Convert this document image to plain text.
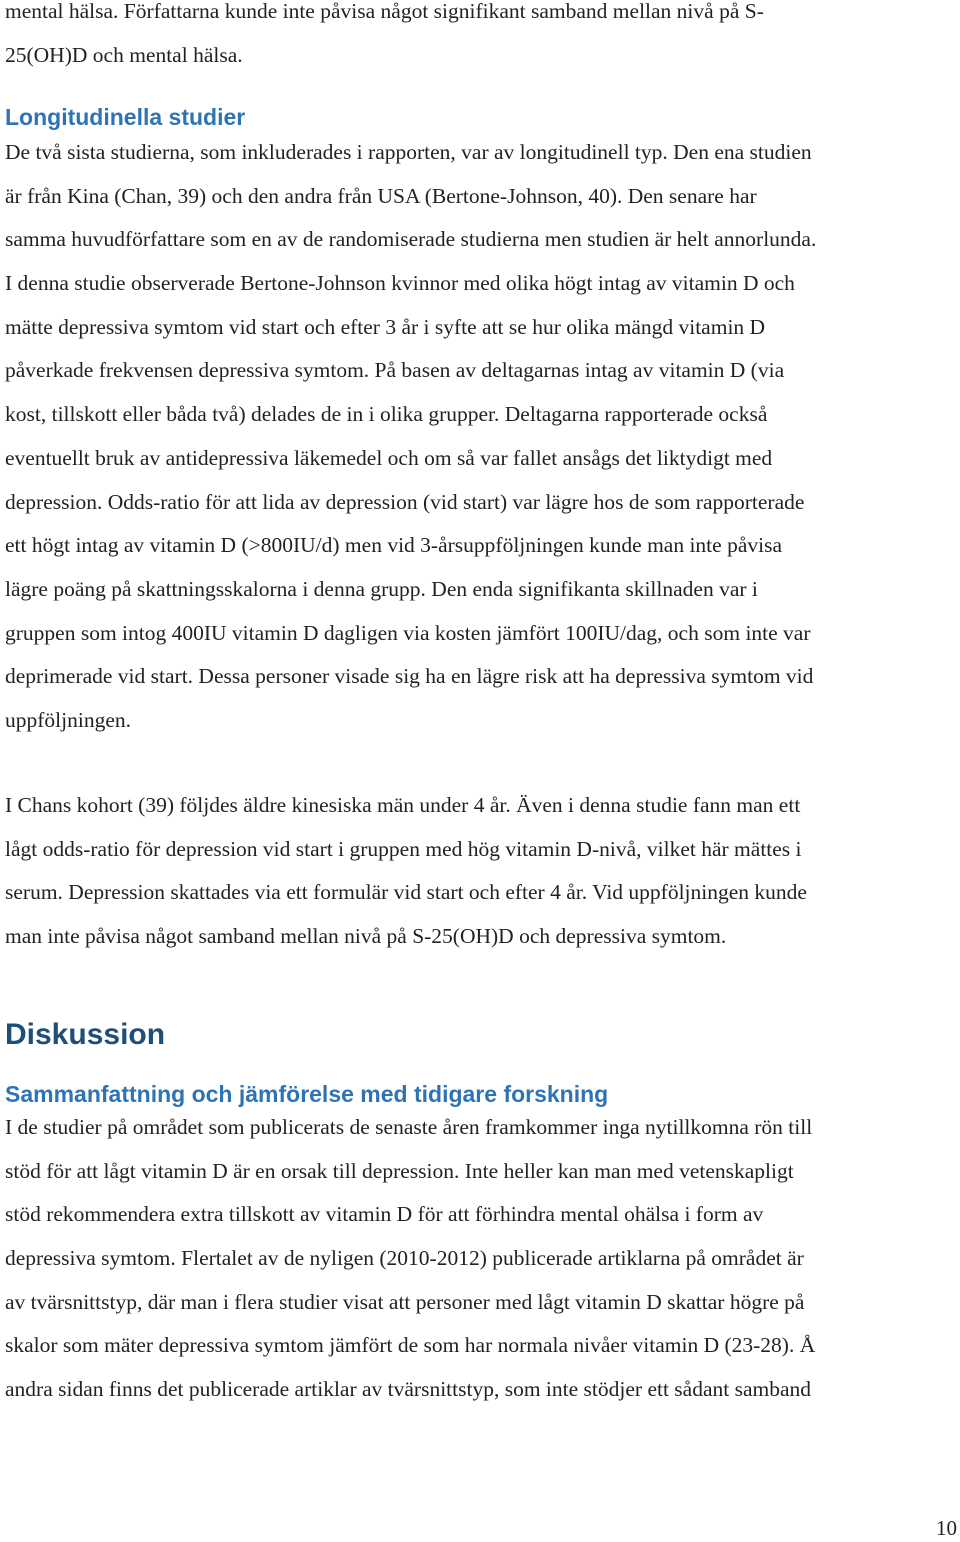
mental hälsa. Författarna kunde inte påvisa något signifikant samband mellan nivå på S-
25(OH)D och mental hälsa.
Longitudinella studier
De två sista studierna, som inkluderades i rapporten, var av longitudinell typ. Den ena studien
är från Kina (Chan, 39) och den andra från USA (Bertone-Johnson, 40). Den senare har
samma huvudförfattare som en av de randomiserade studierna men studien är helt annorlunda.
I denna studie observerade Bertone-Johnson kvinnor med olika högt intag av vitamin D och
mätte depressiva symtom vid start och efter 3 år i syfte att se hur olika mängd vitamin D
påverkade frekvensen depressiva symtom. På basen av deltagarnas intag av vitamin D (via
kost, tillskott eller båda två) delades de in i olika grupper. Deltagarna rapporterade också
eventuellt bruk av antidepressiva läkemedel och om så var fallet ansågs det liktydigt med
depression. Odds-ratio för att lida av depression (vid start) var lägre hos de som rapporterade
ett högt intag av vitamin D (>800IU/d) men vid 3-årsuppföljningen kunde man inte påvisa
lägre poäng på skattningsskalorna i denna grupp. Den enda signifikanta skillnaden var i
gruppen som intog 400IU vitamin D dagligen via kosten jämfört 100IU/dag, och som inte var
deprimerade vid start. Dessa personer visade sig ha en lägre risk att ha depressiva symtom vid
uppföljningen.
I Chans kohort (39) följdes äldre kinesiska män under 4 år. Även i denna studie fann man ett
lågt odds-ratio för depression vid start i gruppen med hög vitamin D-nivå, vilket här mättes i
serum. Depression skattades via ett formulär vid start och efter 4 år. Vid uppföljningen kunde
man inte påvisa något samband mellan nivå på S-25(OH)D och depressiva symtom.
Diskussion
Sammanfattning och jämförelse med tidigare forskning
I de studier på området som publicerats de senaste åren framkommer inga nytillkomna rön till
stöd för att lågt vitamin D är en orsak till depression. Inte heller kan man med vetenskapligt
stöd rekommendera extra tillskott av vitamin D för att förhindra mental ohälsa i form av
depressiva symtom. Flertalet av de nyligen (2010-2012) publicerade artiklarna på området är
av tvärsnittstyp, där man i flera studier visat att personer med lågt vitamin D skattar högre på
skalor som mäter depressiva symtom jämfört de som har normala nivåer vitamin D (23-28). Å
andra sidan finns det publicerade artiklar av tvärsnittstyp, som inte stödjer ett sådant samband
10
